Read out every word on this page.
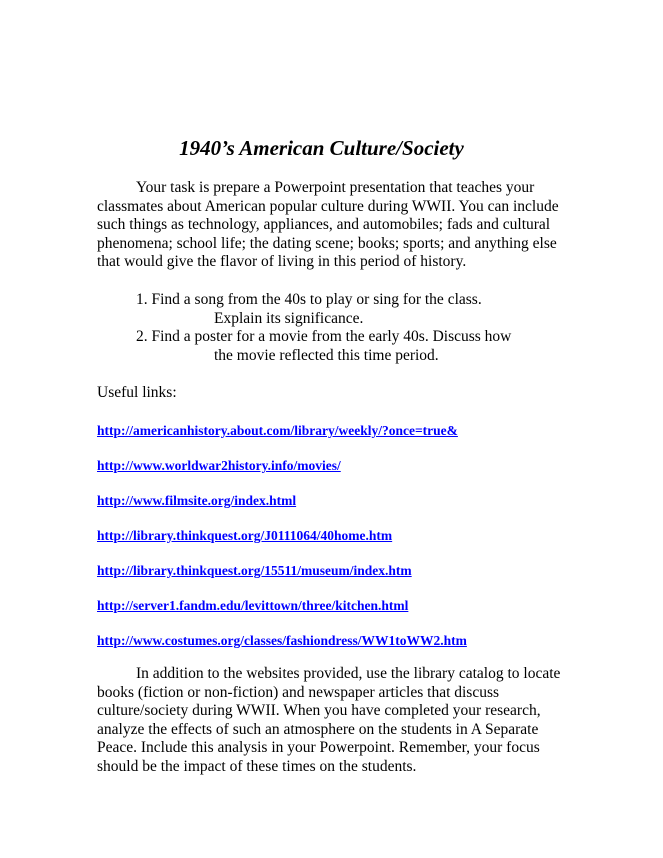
1940’s American Culture/Society

Your task is prepare a Powerpoint presentation that teaches your classmates about American popular culture during WWII. You can include such things as technology, appliances, and automobiles; fads and cultural phenomena; school life; the dating scene; books; sports; and anything else that would give the flavor of living in this period of history.

1. Find a song from the 40s to play or sing for the class.
Explain its significance.

2. Find a poster for a movie from the early 40s. Discuss how
the movie reflected this time period.

Useful links:

http://americanhistory.about.com/library/weekly/?once=true&
http://www.worldwar2history.info/movies/
http://www.filmsite.org/index.html
http://library.thinkquest.org/J0111064/40home.htm
http://library.thinkquest.org/15511/museum/index.htm
http://server1.fandm.edu/levittown/three/kitchen.html
http://www.costumes.org/classes/fashiondress/WW1toWW2.htm

In addition to the websites provided, use the library catalog to locate books (fiction or non-fiction) and newspaper articles that discuss culture/society during WWII. When you have completed your research, analyze the effects of such an atmosphere on the students in A Separate Peace. Include this analysis in your Powerpoint. Remember, your focus should be the impact of these times on the students.
